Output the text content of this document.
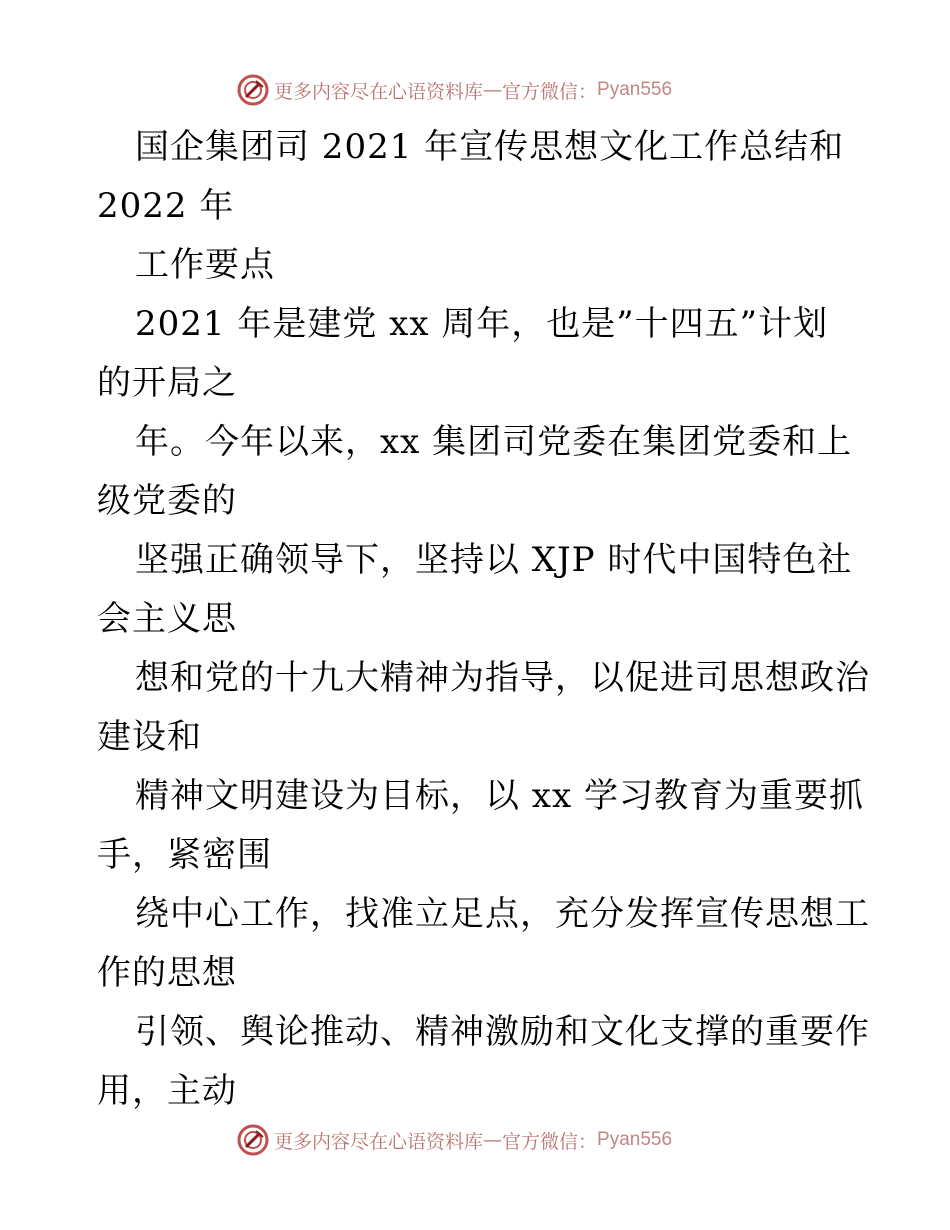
更多内容尽在心语资料库 — 官方微信： Pyan556
国企集团司 2021 年宣传思想文化工作总结和
2022 年
工作要点
2021 年是建党 xx 周年，也是”十四五”计划
的开局之
年。今年以来，xx 集团司党委在集团党委和上
级党委的
坚强正确领导下，坚持以 XJP 时代中国特色社
会主义思
想和党的十九大精神为指导，以促进司思想政治
建设和
精神文明建设为目标，以 xx 学习教育为重要抓
手，紧密围
绕中心工作，找准立足点，充分发挥宣传思想工
作的思想
引领、舆论推动、精神激励和文化支撑的重要作
用，主动
更多内容尽在心语资料库 — 官方微信： Pyan556
